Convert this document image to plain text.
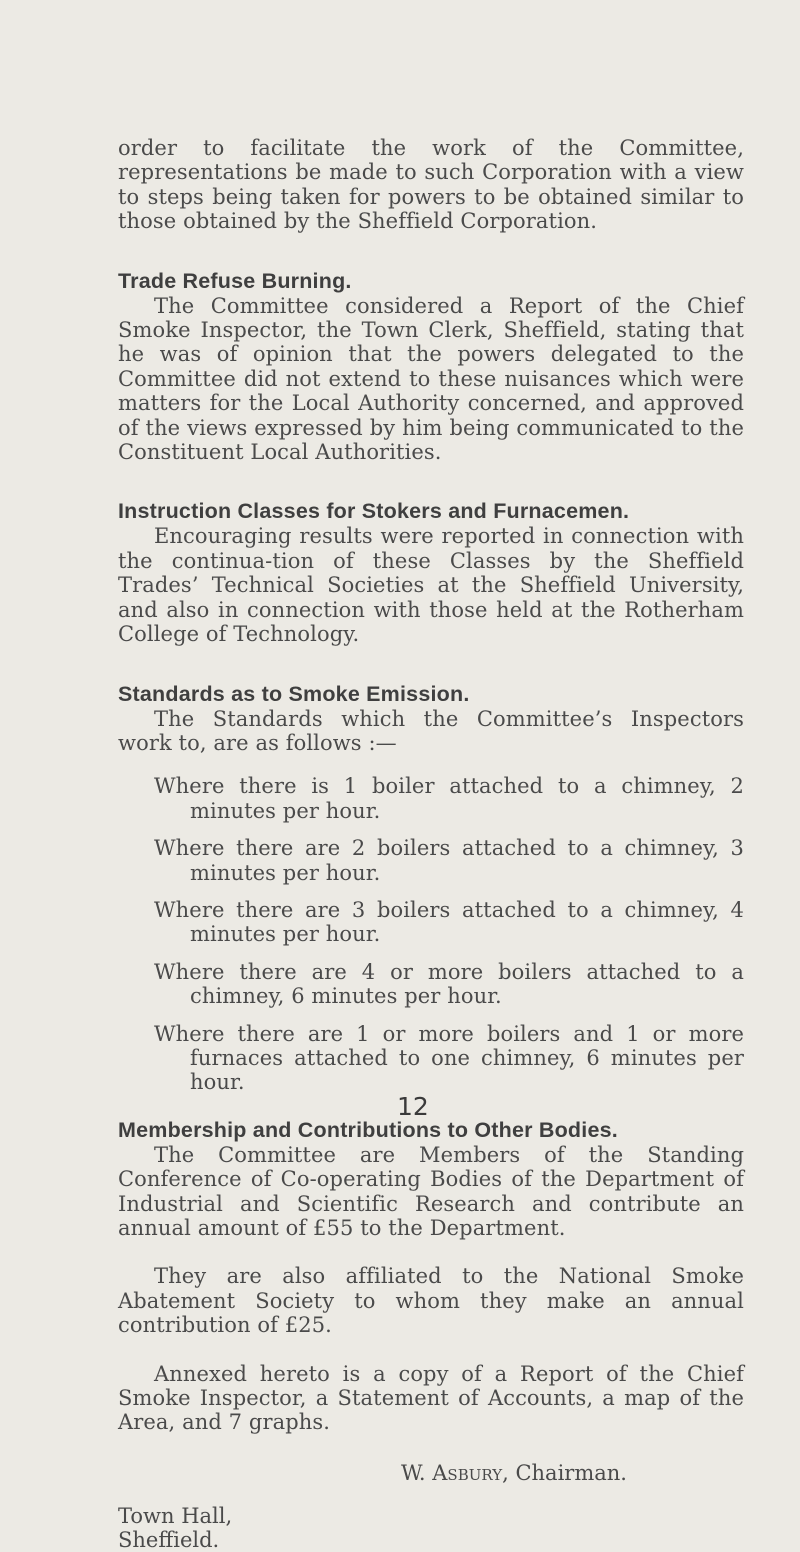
order to facilitate the work of the Committee, representations be made to such Corporation with a view to steps being taken for powers to be obtained similar to those obtained by the Sheffield Corporation.

Trade Refuse Burning.

The Committee considered a Report of the Chief Smoke Inspector, the Town Clerk, Sheffield, stating that he was of opinion that the powers delegated to the Committee did not extend to these nuisances which were matters for the Local Authority concerned, and approved of the views expressed by him being communicated to the Constituent Local Authorities.

Instruction Classes for Stokers and Furnacemen.

Encouraging results were reported in connection with the continua-tion of these Classes by the Sheffield Trades’ Technical Societies at the Sheffield University, and also in connection with those held at the Rotherham College of Technology.

Standards as to Smoke Emission.

The Standards which the Committee’s Inspectors work to, are as follows :—

Where there is 1 boiler attached to a chimney, 2 minutes per hour.

Where there are 2 boilers attached to a chimney, 3 minutes per hour.

Where there are 3 boilers attached to a chimney, 4 minutes per hour.

Where there are 4 or more boilers attached to a chimney, 6 minutes per hour.

Where there are 1 or more boilers and 1 or more furnaces attached to one chimney, 6 minutes per hour.

Membership and Contributions to Other Bodies.

The Committee are Members of the Standing Conference of Co-operating Bodies of the Department of Industrial and Scientific Research and contribute an annual amount of £55 to the Department.

They are also affiliated to the National Smoke Abatement Society to whom they make an annual contribution of £25.

Annexed hereto is a copy of a Report of the Chief Smoke Inspector, a Statement of Accounts, a map of the Area, and 7 graphs.

W. Asbury, Chairman.
Town Hall,
Sheffield.
12
